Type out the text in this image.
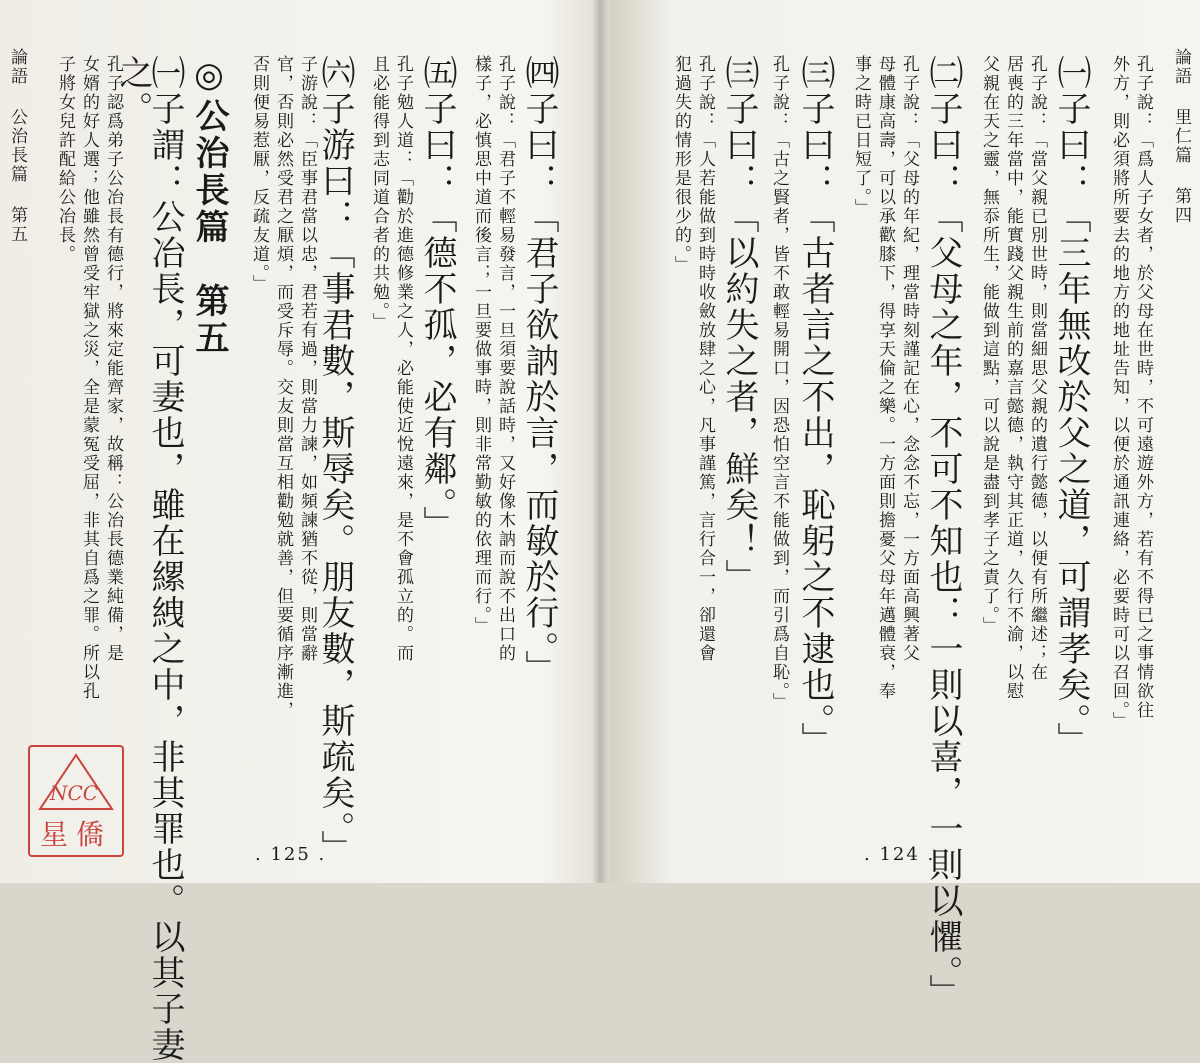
論語 公治長篇 第五 子將女兒許配給公冶長。 女婿的好人選；他雖然曾受牢獄之災，全是蒙冤受屈，非其自爲之罪。所以孔 孔子認爲弟子公冶長有德行，將來定能齊家，故稱：公冶長德業純備，是
之。
㈠子謂：公冶長，可妻也，雖在縲絏之中，非其罪也。以其子妻 ◎公治長篇　第五 否則便易惹厭，反疏友道。」 官，否則必然受君之厭煩，而受斥辱。交友則當互相勸勉就善，但要循序漸進， 子游說：「臣事君當以忠，君若有過，則當力諫，如頻諫猶不從，則當辭
㈥子游曰：「事君數，斯辱矣。朋友數，斯疏矣。」 且必能得到志同道合者的共勉。」 孔子勉人道：「勸於進德修業之人，必能使近悅遠來，是不會孤立的。而 ㈤子曰：「德不孤，必有鄰。」 樣子，必慎思中道而後言；一旦要做事時，則非常勤敏的依理而行。」 孔子說：「君子不輕易發言，一旦須要說話時，又好像木訥而說不出口的 ㈣子曰：「君子欲訥於言，而敏於行。」
. 125 .
論語 里仁篇 第四
犯過失的情形是很少的。」 孔子說：「人若能做到時時收斂放肆之心，凡事謹篤，言行合一，卻還會 ㈢子曰：「以約失之者，鮮矣！」 孔子說：「古之賢者，皆不敢輕易開口，因恐怕空言不能做到，而引爲自恥。」 ㈢子曰：「古者言之不出，恥躬之不逮也。」 事之時已日短了。」 母體康高壽，可以承歡膝下，得享天倫之樂。一方面則擔憂父母年邁體衰，奉 孔子說：「父母的年紀，理當時刻謹記在心，念念不忘，一方面高興著父 ㈡子曰：「父母之年，不可不知也：一則以喜，一則以懼。」 父親在天之靈，無忝所生，能做到這點，可以說是盡到孝子之責了。」 居喪的三年當中，能實踐父親生前的嘉言懿德，執守其正道，久行不渝，以慰 孔子說：「當父親已別世時，則當細思父親的遺行懿德，以便有所繼述；在 ㈠子曰：「三年無改於父之道，可謂孝矣。」 外方，則必須將所要去的地方的地址告知，以便於通訊連絡，必要時可以召回。」 孔子說：「爲人子女者，於父母在世時，不可遠遊外方，若有不得已之事情欲往
. 124 .
NCC
星僑
